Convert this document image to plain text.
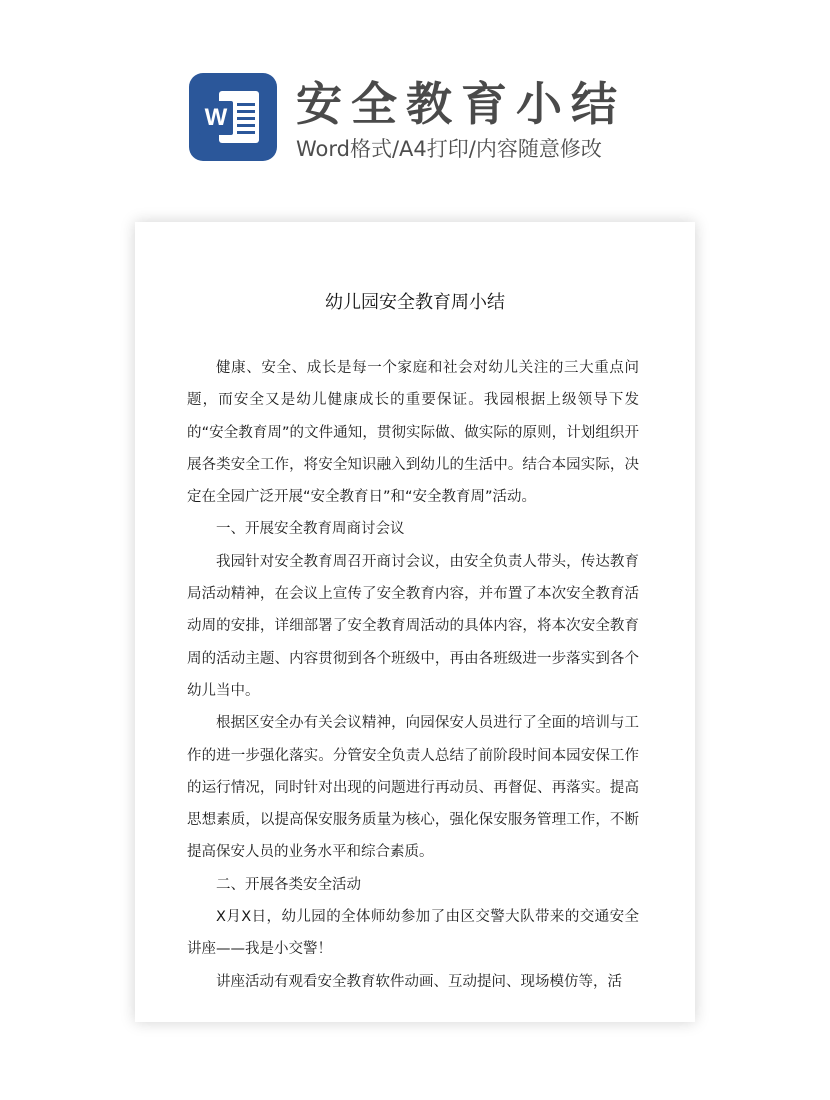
W 安全教育小结
Word格式/A4打印/内容随意修改
幼儿园安全教育周小结

健康、安全、成长是每一个家庭和社会对幼儿关注的三大重点问题，而安全又是幼儿健康成长的重要保证。我园根据上级领导下发的“安全教育周”的文件通知，贯彻实际做、做实际的原则，计划组织开展各类安全工作，将安全知识融入到幼儿的生活中。结合本园实际，决定在全园广泛开展“安全教育日”和“安全教育周”活动。

一、开展安全教育周商讨会议

我园针对安全教育周召开商讨会议，由安全负责人带头，传达教育局活动精神，在会议上宣传了安全教育内容，并布置了本次安全教育活动周的安排，详细部署了安全教育周活动的具体内容，将本次安全教育周的活动主题、内容贯彻到各个班级中，再由各班级进一步落实到各个幼儿当中。

根据区安全办有关会议精神，向园保安人员进行了全面的培训与工作的进一步强化落实。分管安全负责人总结了前阶段时间本园安保工作的运行情况，同时针对出现的问题进行再动员、再督促、再落实。提高思想素质，以提高保安服务质量为核心，强化保安服务管理工作，不断提高保安人员的业务水平和综合素质。

二、开展各类安全活动

X月X日，幼儿园的全体师幼参加了由区交警大队带来的交通安全讲座——我是小交警！

讲座活动有观看安全教育软件动画、互动提问、现场模仿等，活
